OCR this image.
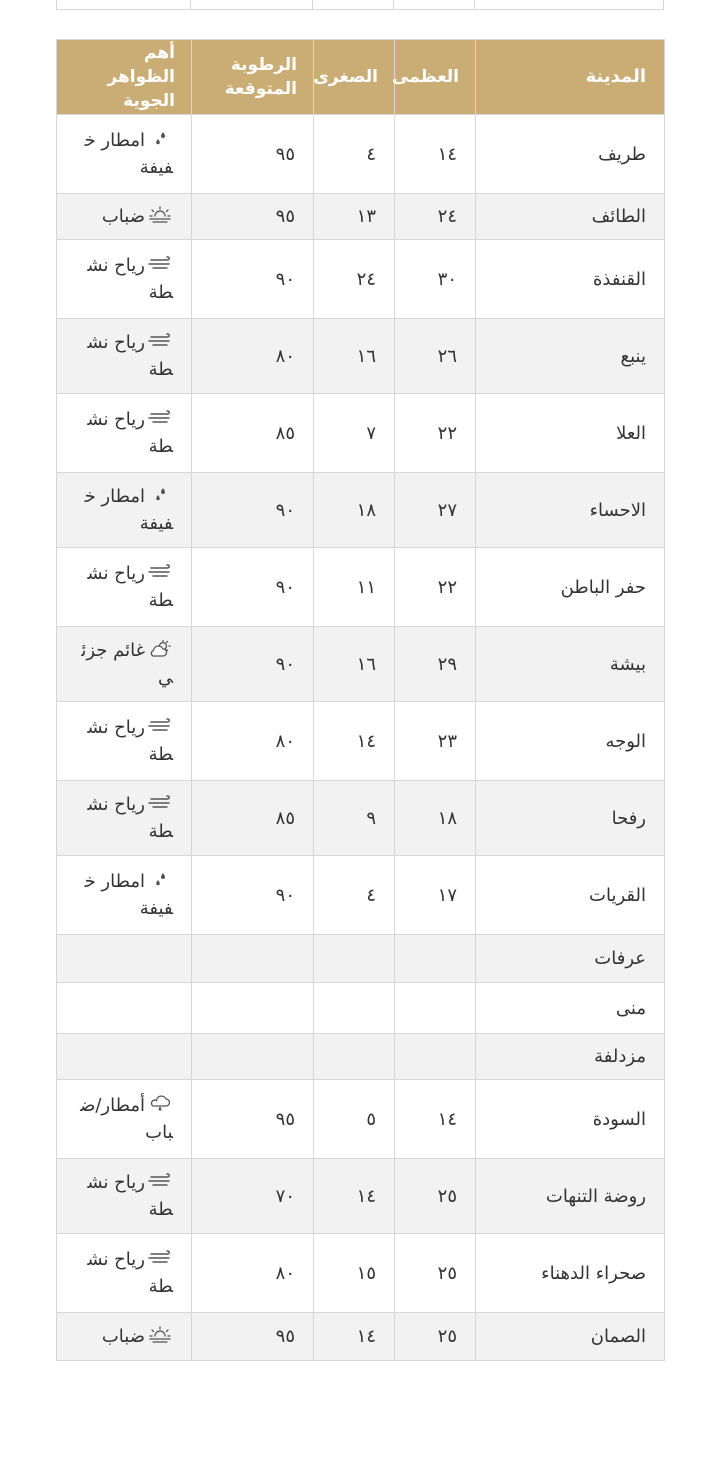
المدينة	العظمى	الصغرى	الرطوبة المتوقعة	أهم الظواهر الجوية
طريف	١٤	٤	٩٥	امطار خفيفة
الطائف	٢٤	١٣	٩٥	ضباب
القنفذة	٣٠	٢٤	٩٠	رياح نشطة
ينبع	٢٦	١٦	٨٠	رياح نشطة
العلا	٢٢	٧	٨٥	رياح نشطة
الاحساء	٢٧	١٨	٩٠	امطار خفيفة
حفر الباطن	٢٢	١١	٩٠	رياح نشطة
بيشة	٢٩	١٦	٩٠	غائم جزئي
الوجه	٢٣	١٤	٨٠	رياح نشطة
رفحا	١٨	٩	٨٥	رياح نشطة
القريات	١٧	٤	٩٠	امطار خفيفة
عرفات				
منى				
مزدلفة				
السودة	١٤	٥	٩٥	أمطار/ضباب
روضة التنهات	٢٥	١٤	٧٠	رياح نشطة
صحراء الدهناء	٢٥	١٥	٨٠	رياح نشطة
الصمان	٢٥	١٤	٩٥	ضباب
